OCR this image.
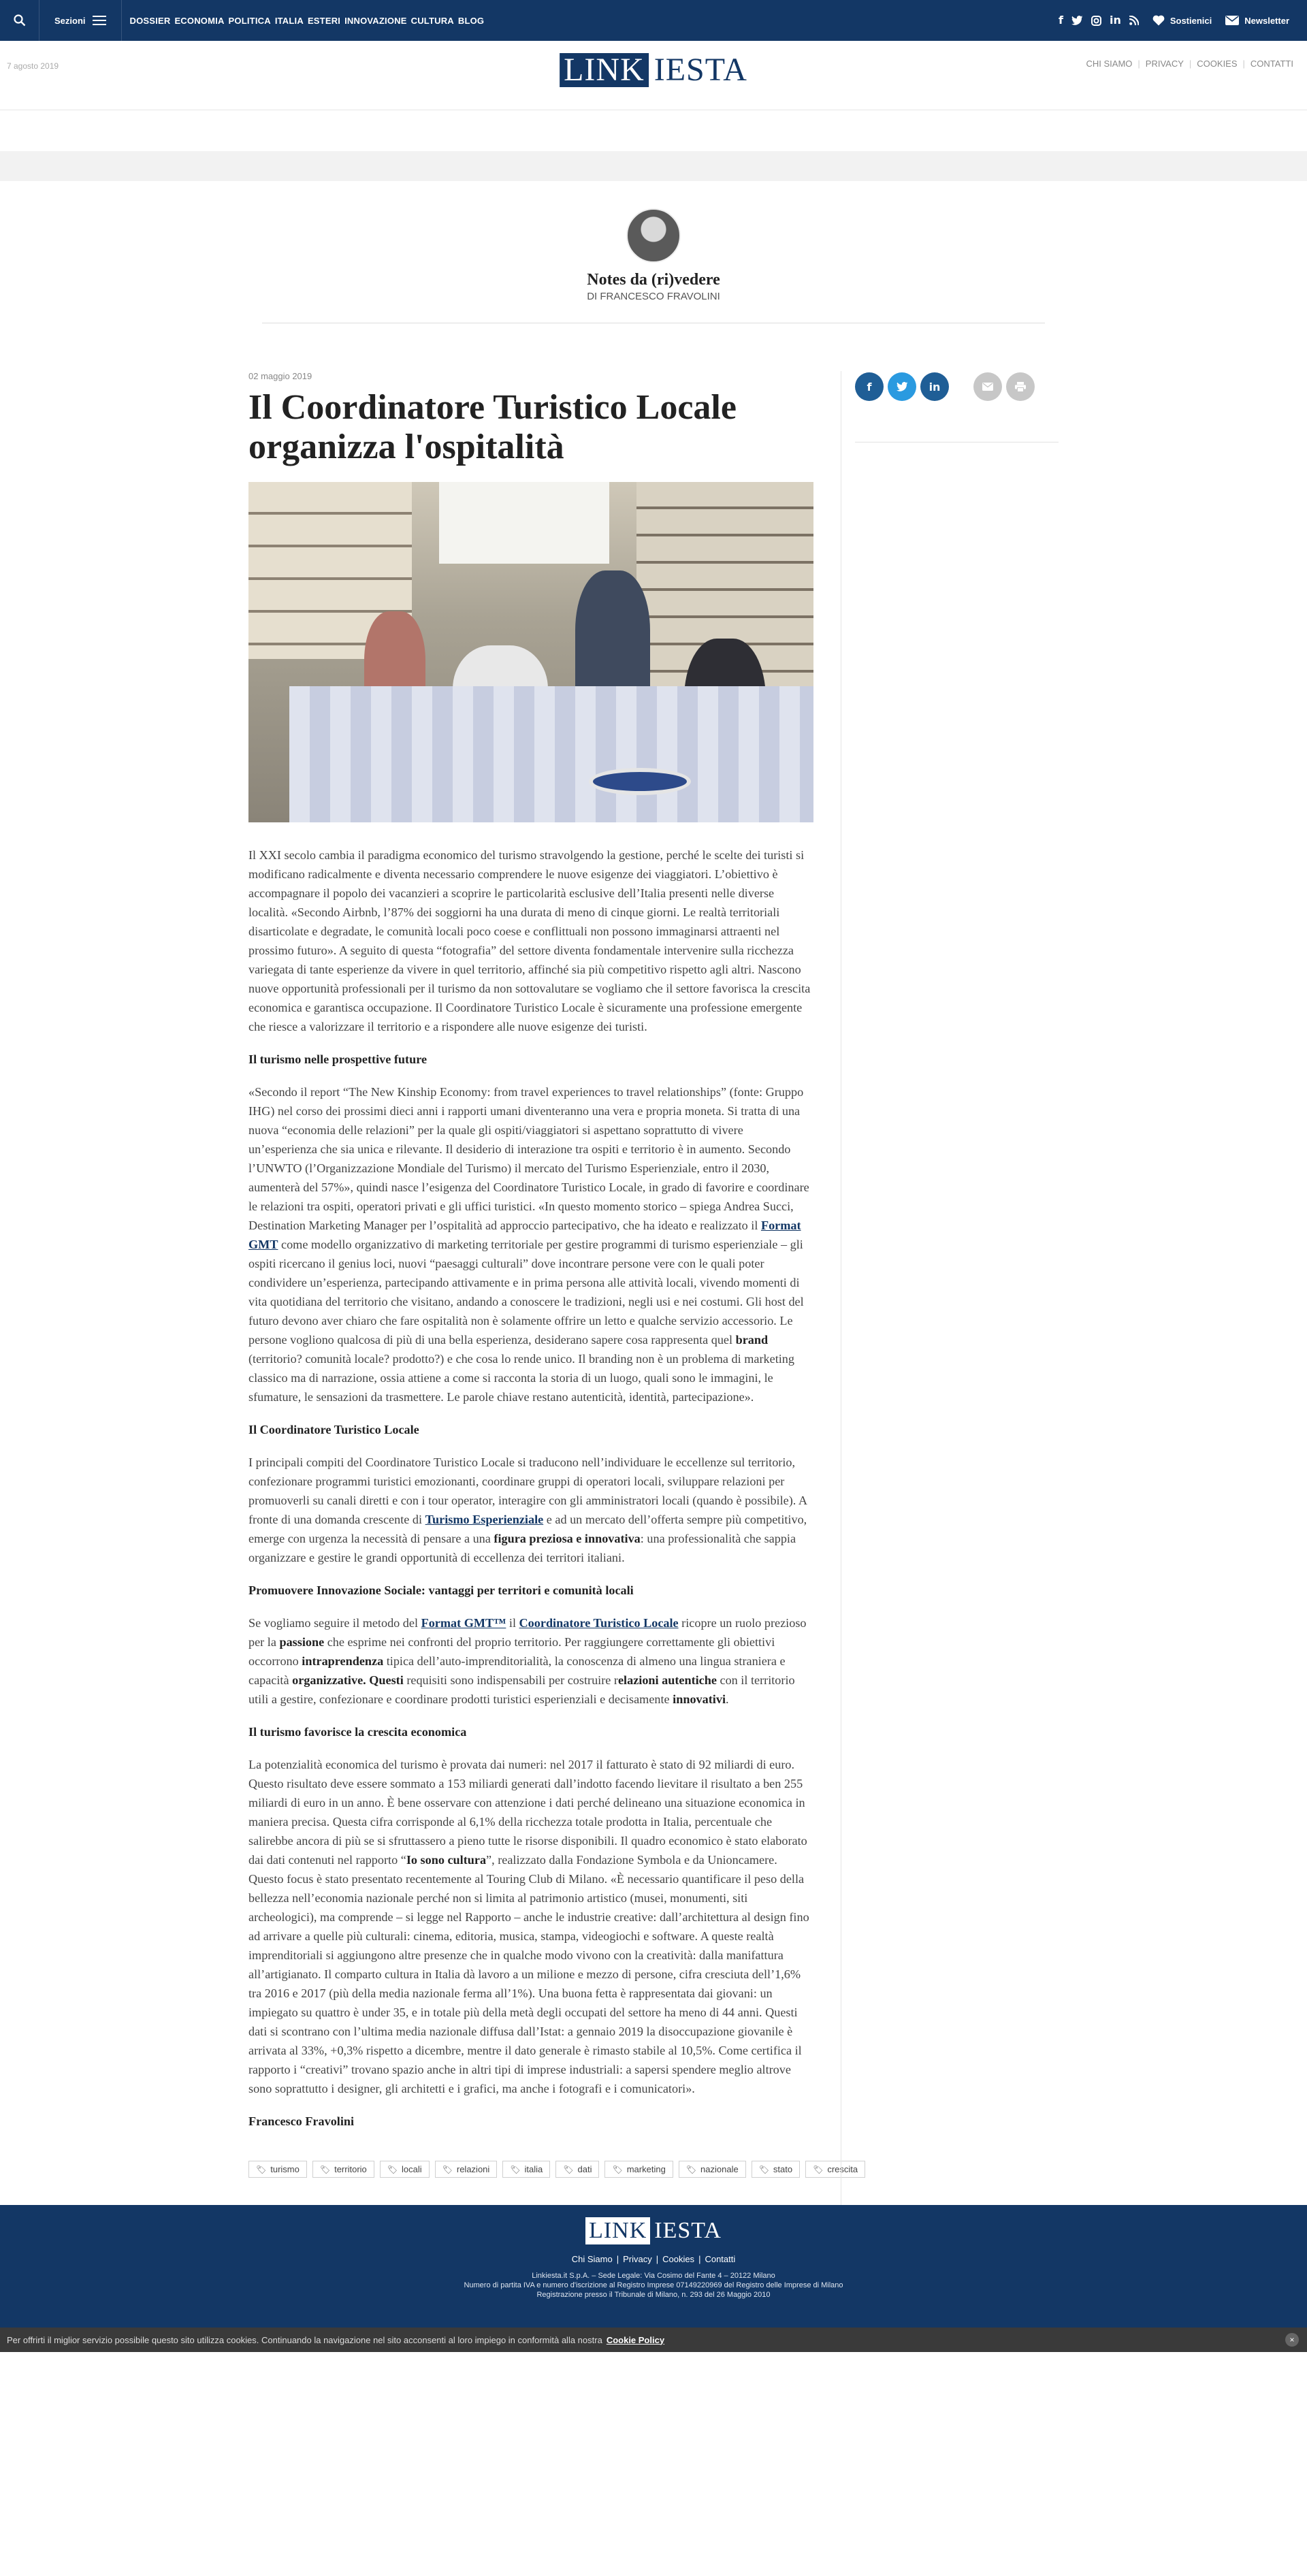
Sezioni	DOSSIER ECONOMIA POLITICA ITALIA ESTERI INNOVAZIONE CULTURA BLOG	f	in	Sostienici	Newsletter
7 agosto 2019	LINK IESTA	CHI SIAMO | PRIVACY | COOKIES | CONTATTI
Notes da (ri)vedere
DI FRANCESCO FRAVOLINI
02 maggio 2019
Il Coordinatore Turistico Locale organizza l'ospitalità

Il XXI secolo cambia il paradigma economico del turismo stravolgendo la gestione, perché le scelte dei turisti si modificano radicalmente e diventa necessario comprendere le nuove esigenze dei viaggiatori. L’obiettivo è accompagnare il popolo dei vacanzieri a scoprire le particolarità esclusive dell’Italia presenti nelle diverse località. «Secondo Airbnb, l’87% dei soggiorni ha una durata di meno di cinque giorni. Le realtà territoriali disarticolate e degradate, le comunità locali poco coese e conflittuali non possono immaginarsi attraenti nel prossimo futuro». A seguito di questa “fotografia” del settore diventa fondamentale intervenire sulla ricchezza variegata di tante esperienze da vivere in quel territorio, affinché sia più competitivo rispetto agli altri. Nascono nuove opportunità professionali per il turismo da non sottovalutare se vogliamo che il settore favorisca la crescita economica e garantisca occupazione. Il Coordinatore Turistico Locale è sicuramente una professione emergente che riesce a valorizzare il territorio e a rispondere alle nuove esigenze dei turisti.

Il turismo nelle prospettive future

«Secondo il report “The New Kinship Economy: from travel experiences to travel relationships” (fonte: Gruppo IHG) nel corso dei prossimi dieci anni i rapporti umani diventeranno una vera e propria moneta. Si tratta di una nuova “economia delle relazioni” per la quale gli ospiti/viaggiatori si aspettano soprattutto di vivere un’esperienza che sia unica e rilevante. Il desiderio di interazione tra ospiti e territorio è in aumento. Secondo l’UNWTO (l’Organizzazione Mondiale del Turismo) il mercato del Turismo Esperienziale, entro il 2030, aumenterà del 57%», quindi nasce l’esigenza del Coordinatore Turistico Locale, in grado di favorire e coordinare le relazioni tra ospiti, operatori privati e gli uffici turistici. «In questo momento storico – spiega Andrea Succi, Destination Marketing Manager per l’ospitalità ad approccio partecipativo, che ha ideato e realizzato il Format GMT come modello organizzativo di marketing territoriale per gestire programmi di turismo esperienziale – gli ospiti ricercano il genius loci, nuovi “paesaggi culturali” dove incontrare persone vere con le quali poter condividere un’esperienza, partecipando attivamente e in prima persona alle attività locali, vivendo momenti di vita quotidiana del territorio che visitano, andando a conoscere le tradizioni, negli usi e nei costumi. Gli host del futuro devono aver chiaro che fare ospitalità non è solamente offrire un letto e qualche servizio accessorio. Le persone vogliono qualcosa di più di una bella esperienza, desiderano sapere cosa rappresenta quel brand (territorio? comunità locale? prodotto?) e che cosa lo rende unico. Il branding non è un problema di marketing classico ma di narrazione, ossia attiene a come si racconta la storia di un luogo, quali sono le immagini, le sfumature, le sensazioni da trasmettere. Le parole chiave restano autenticità, identità, partecipazione».

Il Coordinatore Turistico Locale

I principali compiti del Coordinatore Turistico Locale si traducono nell’individuare le eccellenze sul territorio, confezionare programmi turistici emozionanti, coordinare gruppi di operatori locali, sviluppare relazioni per promuoverli su canali diretti e con i tour operator, interagire con gli amministratori locali (quando è possibile). A fronte di una domanda crescente di Turismo Esperienziale e ad un mercato dell’offerta sempre più competitivo, emerge con urgenza la necessità di pensare a una figura preziosa e innovativa: una professionalità che sappia organizzare e gestire le grandi opportunità di eccellenza dei territori italiani.

Promuovere Innovazione Sociale: vantaggi per territori e comunità locali

Se vogliamo seguire il metodo del Format GMT™ il Coordinatore Turistico Locale ricopre un ruolo prezioso per la passione che esprime nei confronti del proprio territorio. Per raggiungere correttamente gli obiettivi occorrono intraprendenza tipica dell’auto-imprenditorialità, la conoscenza di almeno una lingua straniera e capacità organizzative. Questi requisiti sono indispensabili per costruire relazioni autentiche con il territorio utili a gestire, confezionare e coordinare prodotti turistici esperienziali e decisamente innovativi.

Il turismo favorisce la crescita economica

La potenzialità economica del turismo è provata dai numeri: nel 2017 il fatturato è stato di 92 miliardi di euro. Questo risultato deve essere sommato a 153 miliardi generati dall’indotto facendo lievitare il risultato a ben 255 miliardi di euro in un anno. È bene osservare con attenzione i dati perché delineano una situazione economica in maniera precisa. Questa cifra corrisponde al 6,1% della ricchezza totale prodotta in Italia, percentuale che salirebbe ancora di più se si sfruttassero a pieno tutte le risorse disponibili. Il quadro economico è stato elaborato dai dati contenuti nel rapporto “Io sono cultura”, realizzato dalla Fondazione Symbola e da Unioncamere. Questo focus è stato presentato recentemente al Touring Club di Milano. «È necessario quantificare il peso della bellezza nell’economia nazionale perché non si limita al patrimonio artistico (musei, monumenti, siti archeologici), ma comprende – si legge nel Rapporto – anche le industrie creative: dall’architettura al design fino ad arrivare a quelle più culturali: cinema, editoria, musica, stampa, videogiochi e software. A queste realtà imprenditoriali si aggiungono altre presenze che in qualche modo vivono con la creatività: dalla manifattura all’artigianato. Il comparto cultura in Italia dà lavoro a un milione e mezzo di persone, cifra cresciuta dell’1,6% tra 2016 e 2017 (più della media nazionale ferma all’1%). Una buona fetta è rappresentata dai giovani: un impiegato su quattro è under 35, e in totale più della metà degli occupati del settore ha meno di 44 anni. Questi dati si scontrano con l’ultima media nazionale diffusa dall’Istat: a gennaio 2019 la disoccupazione giovanile è arrivata al 33%, +0,3% rispetto a dicembre, mentre il dato generale è rimasto stabile al 10,5%. Come certifica il rapporto i “creativi” trovano spazio anche in altri tipi di imprese industriali: a sapersi spendere meglio altrove sono soprattutto i designer, gli architetti e i grafici, ma anche i fotografi e i comunicatori».

Francesco Fravolini
🏷 turismo	🏷 territorio	🏷 locali	🏷 relazioni	🏷 italia	🏷 dati	🏷 marketing	🏷 nazionale	🏷 stato	🏷 crescita
f	in
LINK IESTA
Chi Siamo | Privacy | Cookies | Contatti
Linkiesta.it S.p.A. – Sede Legale: Via Cosimo del Fante 4 – 20122 Milano
Numero di partita IVA e numero d'iscrizione al Registro Imprese 07149220969 del Registro delle Imprese di Milano
Registrazione presso il Tribunale di Milano, n. 293 del 26 Maggio 2010
Per offrirti il miglior servizio possibile questo sito utilizza cookies. Continuando la navigazione nel sito acconsenti al loro impiego in conformità alla nostra Cookie Policy	×
